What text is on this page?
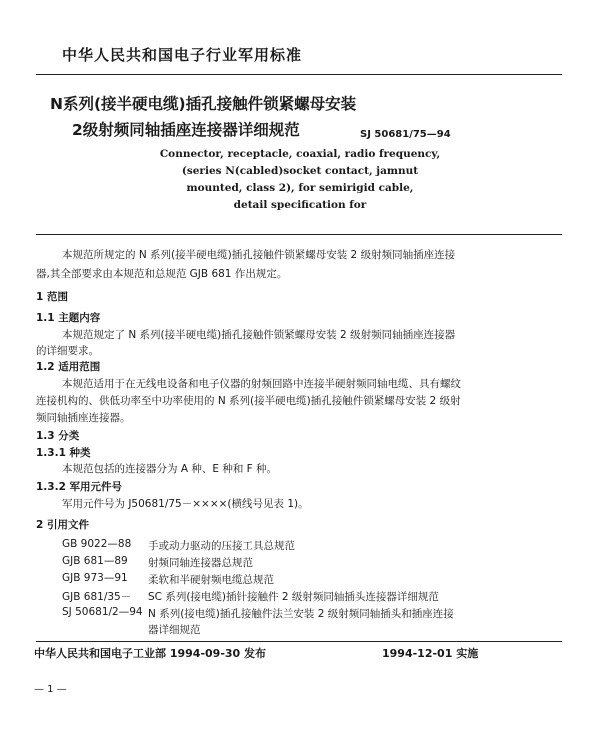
中华人民共和国电子行业军用标准
N系列(接半硬电缆)插孔接触件锁紧螺母安装
2级射频同轴插座连接器详细规范	SJ 50681/75—94
Connector, receptacle, coaxial, radio frequency,
(series N(cabled)socket contact, jamnut
mounted, class 2), for semirigid cable,
detail specification for
本规范所规定的 N 系列(接半硬电缆)插孔接触件锁紧螺母安装 2 级射频同轴插座连接
器,其全部要求由本规范和总规范 GJB 681 作出规定。
1 范围
1.1 主题内容
本规范规定了 N 系列(接半硬电缆)插孔接触件锁紧螺母安装 2 级射频同轴插座连接器
的详细要求。
1.2 适用范围
本规范适用于在无线电设备和电子仪器的射频回路中连接半硬射频同轴电缆、具有螺纹
连接机构的、供低功率至中功率使用的 N 系列(接半硬电缆)插孔接触件锁紧螺母安装 2 级射
频同轴插座连接器。
1.3 分类
1.3.1 种类
本规范包括的连接器分为 A 种、E 种和 F 种。
1.3.2 军用元件号
军用元件号为 J50681/75－××××(横线号见表 1)。
2 引用文件
GB 9022—88 手或动力驱动的压接工具总规范
GJB 681—89 射频同轴连接器总规范
GJB 973—91 柔软和半硬射频电缆总规范
GJB 681/35－ SC 系列(接电缆)插针接触件 2 级射频同轴插头连接器详细规范
SJ 50681/2—94 N 系列(接电缆)插孔接触件法兰安装 2 级射频同轴插头和插座连接
器详细规范
中华人民共和国电子工业部 1994-09-30 发布	1994-12-01 实施
— 1 —
